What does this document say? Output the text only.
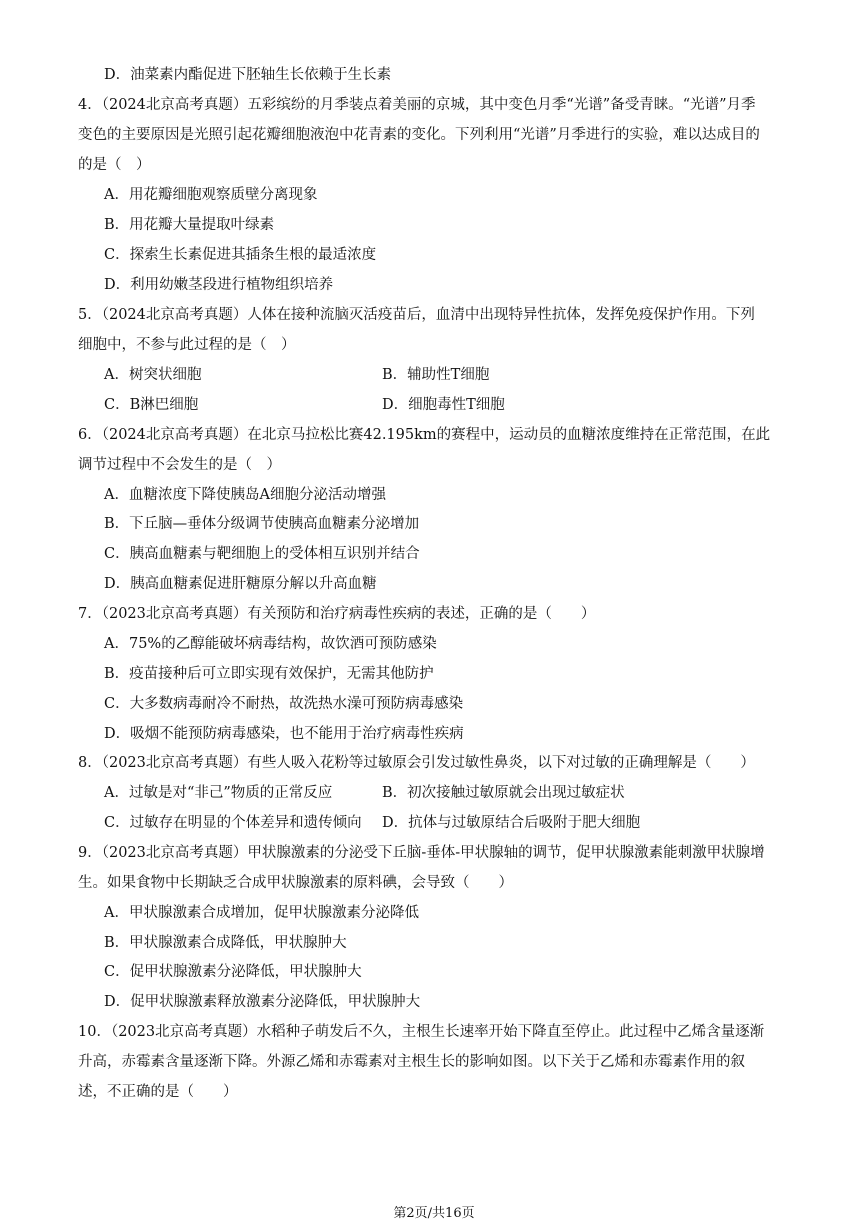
D．油菜素内酯促进下胚轴生长依赖于生长素
4．（2024北京高考真题）五彩缤纷的月季装点着美丽的京城，其中变色月季“光谱”备受青睐。“光谱”月季
变色的主要原因是光照引起花瓣细胞液泡中花青素的变化。下列利用“光谱”月季进行的实验，难以达成目的
的是（　）
A．用花瓣细胞观察质壁分离现象
B．用花瓣大量提取叶绿素
C．探索生长素促进其插条生根的最适浓度
D．利用幼嫩茎段进行植物组织培养
5．（2024北京高考真题）人体在接种流脑灭活疫苗后，血清中出现特异性抗体，发挥免疫保护作用。下列
细胞中，不参与此过程的是（　）
A．树突状细胞	B．辅助性T细胞
C．B淋巴细胞	D．细胞毒性T细胞
6．（2024北京高考真题）在北京马拉松比赛42.195km的赛程中，运动员的血糖浓度维持在正常范围，在此
调节过程中不会发生的是（　）
A．血糖浓度下降使胰岛A细胞分泌活动增强
B．下丘脑—垂体分级调节使胰高血糖素分泌增加
C．胰高血糖素与靶细胞上的受体相互识别并结合
D．胰高血糖素促进肝糖原分解以升高血糖
7．（2023北京高考真题）有关预防和治疗病毒性疾病的表述，正确的是（　　）
A．75%的乙醇能破坏病毒结构，故饮酒可预防感染
B．疫苗接种后可立即实现有效保护，无需其他防护
C．大多数病毒耐冷不耐热，故洗热水澡可预防病毒感染
D．吸烟不能预防病毒感染，也不能用于治疗病毒性疾病
8．（2023北京高考真题）有些人吸入花粉等过敏原会引发过敏性鼻炎，以下对过敏的正确理解是（　　）
A．过敏是对“非己”物质的正常反应	B．初次接触过敏原就会出现过敏症状
C．过敏存在明显的个体差异和遗传倾向 D．抗体与过敏原结合后吸附于肥大细胞
9．（2023北京高考真题）甲状腺激素的分泌受下丘脑-垂体-甲状腺轴的调节，促甲状腺激素能刺激甲状腺增
生。如果食物中长期缺乏合成甲状腺激素的原料碘，会导致（　　）
A．甲状腺激素合成增加，促甲状腺激素分泌降低
B．甲状腺激素合成降低，甲状腺肿大
C．促甲状腺激素分泌降低，甲状腺肿大
D．促甲状腺激素释放激素分泌降低，甲状腺肿大
10．（2023北京高考真题）水稻种子萌发后不久，主根生长速率开始下降直至停止。此过程中乙烯含量逐渐
升高，赤霉素含量逐渐下降。外源乙烯和赤霉素对主根生长的影响如图。以下关于乙烯和赤霉素作用的叙
述，不正确的是（　　）
第2页/共16页
